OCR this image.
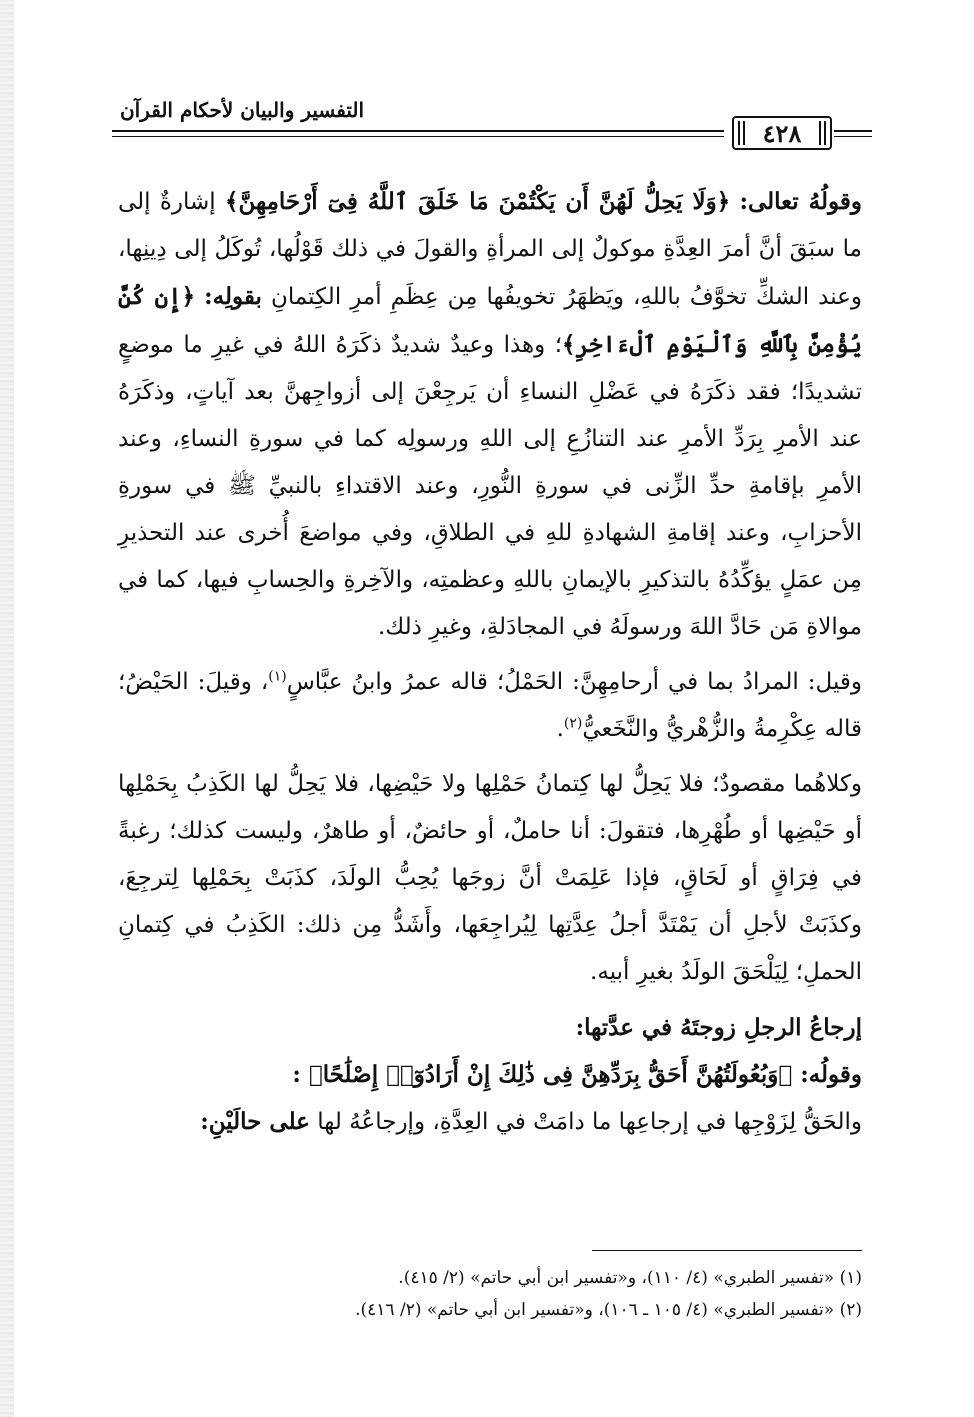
التفسير والبيان لأحكام القرآن
٤٢٨

وقولُهُ تعالى: ﴿وَلَا يَحِلُّ لَهُنَّ أَن يَكْتُمْنَ مَا خَلَقَ ٱللَّهُ فِىٓ أَرْحَامِهِنَّ﴾ إشارةٌ إلى ما سبَقَ أنَّ أمرَ العِدَّةِ موكولٌ إلى المرأةِ والقولَ في ذلك قَوْلُها، تُوكَلُ إلى دِينِها، وعند الشكِّ تخوَّفُ باللهِ، ويَظهَرُ تخويفُها مِن عِظَمِ أمرِ الكِتمانِ بقولِه: ﴿إِن كُنَّ يُؤْمِنَّ بِٱللَّهِ وَٱلْيَوْمِ ٱلْءَاخِرِ﴾؛ وهذا وعيدٌ شديدٌ ذكَرَهُ اللهُ في غيرِ ما موضعٍ تشديدًا؛ فقد ذكَرَهُ في عَضْلِ النساءِ أن يَرجِعْنَ إلى أزواجِهنَّ بعد آياتٍ، وذكَرَهُ عند الأمرِ بِرَدِّ الأمرِ عند التنازُعِ إلى اللهِ ورسولِه كما في سورةِ النساءِ، وعند الأمرِ بإقامةِ حدِّ الزِّنى في سورةِ النُّورِ، وعند الاقتداءِ بالنبيِّ ﷺ في سورةِ الأحزابِ، وعند إقامةِ الشهادةِ للهِ في الطلاقِ، وفي مواضعَ أُخرى عند التحذيرِ مِن عمَلٍ يؤكِّدُهُ بالتذكيرِ بالإيمانِ باللهِ وعظمتِه، والآخِرةِ والحِسابِ فيها، كما في موالاةِ مَن حَادَّ اللهَ ورسولَهُ في المجادَلةِ، وغيرِ ذلك.

وقيل: المرادُ بما في أرحامِهِنَّ: الحَمْلُ؛ قاله عمرُ وابنُ عبَّاسٍ$^{(١)}$، وقيلَ: الحَيْضُ؛ قاله عِكْرِمةُ والزُّهْريُّ والنَّخَعيُّ$^{(٢)}$.

وكلاهُما مقصودٌ؛ فلا يَحِلُّ لها كِتمانُ حَمْلِها ولا حَيْضِها، فلا يَحِلُّ لها الكَذِبُ بِحَمْلِها أو حَيْضِها أو طُهْرِها، فتقولَ: أنا حاملٌ، أو حائضٌ، أو طاهرٌ، وليست كذلك؛ رغبةً في فِرَاقٍ أو لَحَاقٍ، فإذا عَلِمَتْ أنَّ زوجَها يُحِبُّ الولَدَ، كذَبَتْ بِحَمْلِها لِترجِعَ، وكذَبَتْ لأجلِ أن يَمْتَدَّ أجلُ عِدَّتِها لِيُراجِعَها، وأَشَدُّ مِن ذلك: الكَذِبُ في كِتمانِ الحملِ؛ لِيَلْحَقَ الولَدُ بغيرِ أبيه.

إرجاعُ الرجلِ زوجتَهُ في عدَّتها:

وقولُه: ﴿وَبُعُولَتُهُنَّ أَحَقُّ بِرَدِّهِنَّ فِى ذَٰلِكَ إِنْ أَرَادُوٓا۟ إِصْلَٰحًا﴾ :

والحَقُّ لِزَوْجِها في إرجاعِها ما دامَتْ في العِدَّةِ، وإرجاعُهُ لها على حالَيْنِ:

(١) «تفسير الطبري» (٤/ ١١٠)، و«تفسير ابن أبي حاتم» (٢/ ٤١٥).
(٢) «تفسير الطبري» (٤/ ١٠٥ ـ ١٠٦)، و«تفسير ابن أبي حاتم» (٢/ ٤١٦).
